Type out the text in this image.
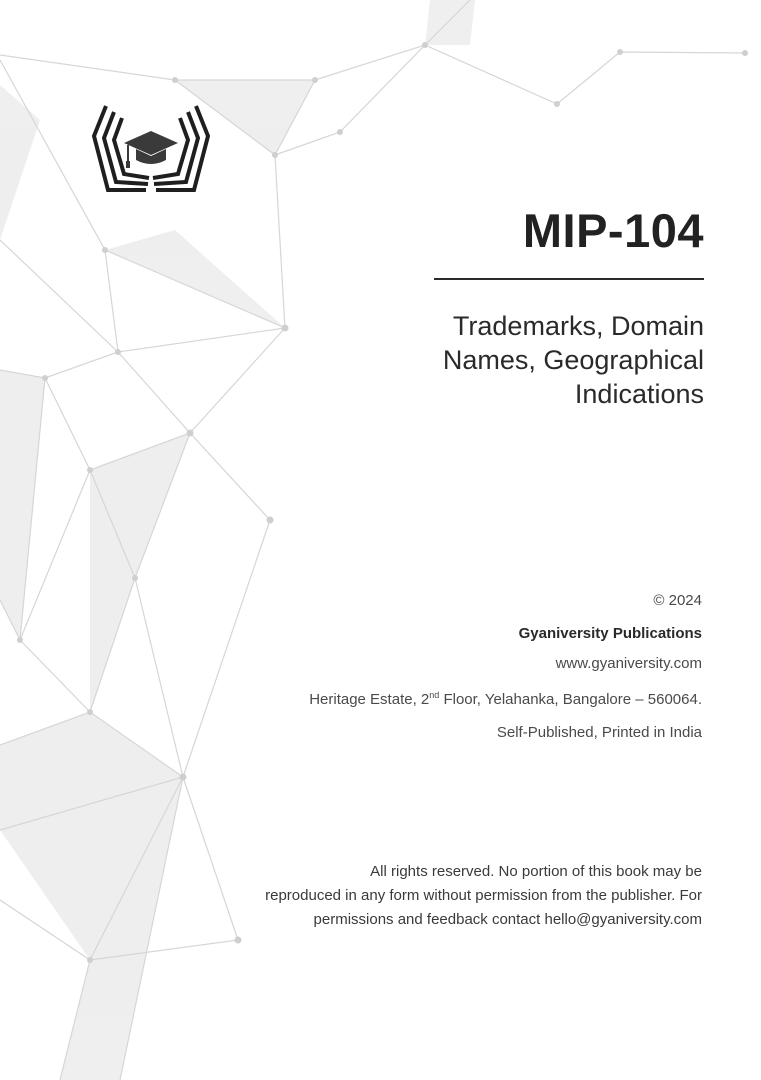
MIP-104
Trademarks, Domain
Names, Geographical
Indications
© 2024
Gyaniversity Publications
www.gyaniversity.com
Heritage Estate, 2nd Floor, Yelahanka, Bangalore – 560064.
Self-Published, Printed in India

All rights reserved. No portion of this book may be
reproduced in any form without permission from the publisher. For
permissions and feedback contact hello@gyaniversity.com
